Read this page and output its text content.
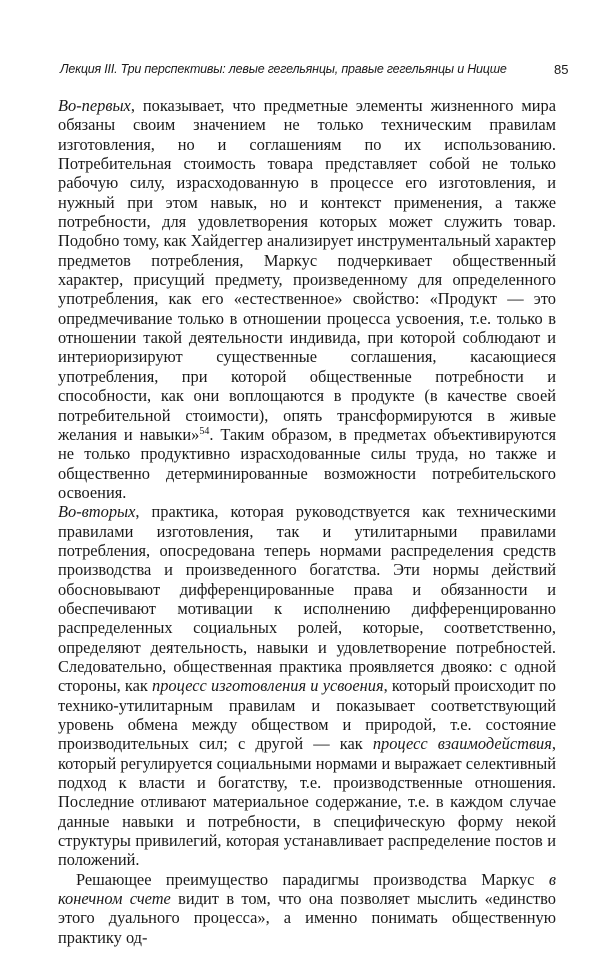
Лекция III. Три перспективы: левые гегельянцы, правые гегельянцы и Ницше	85

Во-первых, показывает, что предметные элементы жизненного мира обязаны своим значением не только техническим правилам изготовления, но и соглашениям по их использованию. Потребительная стоимость товара представляет собой не только рабочую силу, израсходованную в процессе его изготовления, и нужный при этом навык, но и контекст применения, а также потребности, для удовлетворения которых может служить товар. Подобно тому, как Хайдеггер анализирует инструментальный характер предметов потребления, Маркус подчеркивает общественный характер, присущий предмету, произведенному для определенного употребления, как его «естественное» свойство: «Продукт — это опредмечивание только в отношении процесса усвоения, т.е. только в отношении такой деятельности индивида, при которой соблюдают и интериоризируют существенные соглашения, касающиеся употребления, при которой общественные потребности и способности, как они воплощаются в продукте (в качестве своей потребительной стоимости), опять трансформируются в живые желания и навыки»$^{54}$. Таким образом, в предметах объективируются не только продуктивно израсходованные силы труда, но также и общественно детерминированные возможности потребительского освоения.

Во-вторых, практика, которая руководствуется как техническими правилами изготовления, так и утилитарными правилами потребления, опосредована теперь нормами распределения средств производства и произведенного богатства. Эти нормы действий обосновывают дифференцированные права и обязанности и обеспечивают мотивации к исполнению дифференцированно распределенных социальных ролей, которые, соответственно, определяют деятельность, навыки и удовлетворение потребностей. Следовательно, общественная практика проявляется двояко: с одной стороны, как процесс изготовления и усвоения, который происходит по технико-утилитарным правилам и показывает соответствующий уровень обмена между обществом и природой, т.е. состояние производительных сил; с другой — как процесс взаимодействия, который регулируется социальными нормами и выражает селективный подход к власти и богатству, т.е. производственные отношения. Последние отливают материальное содержание, т.е. в каждом случае данные навыки и потребности, в специфическую форму некой структуры привилегий, которая устанавливает распределение постов и положений.

Решающее преимущество парадигмы производства Маркус в конечном счете видит в том, что она позволяет мыслить «единство этого дуального процесса», а именно понимать общественную практику од-
